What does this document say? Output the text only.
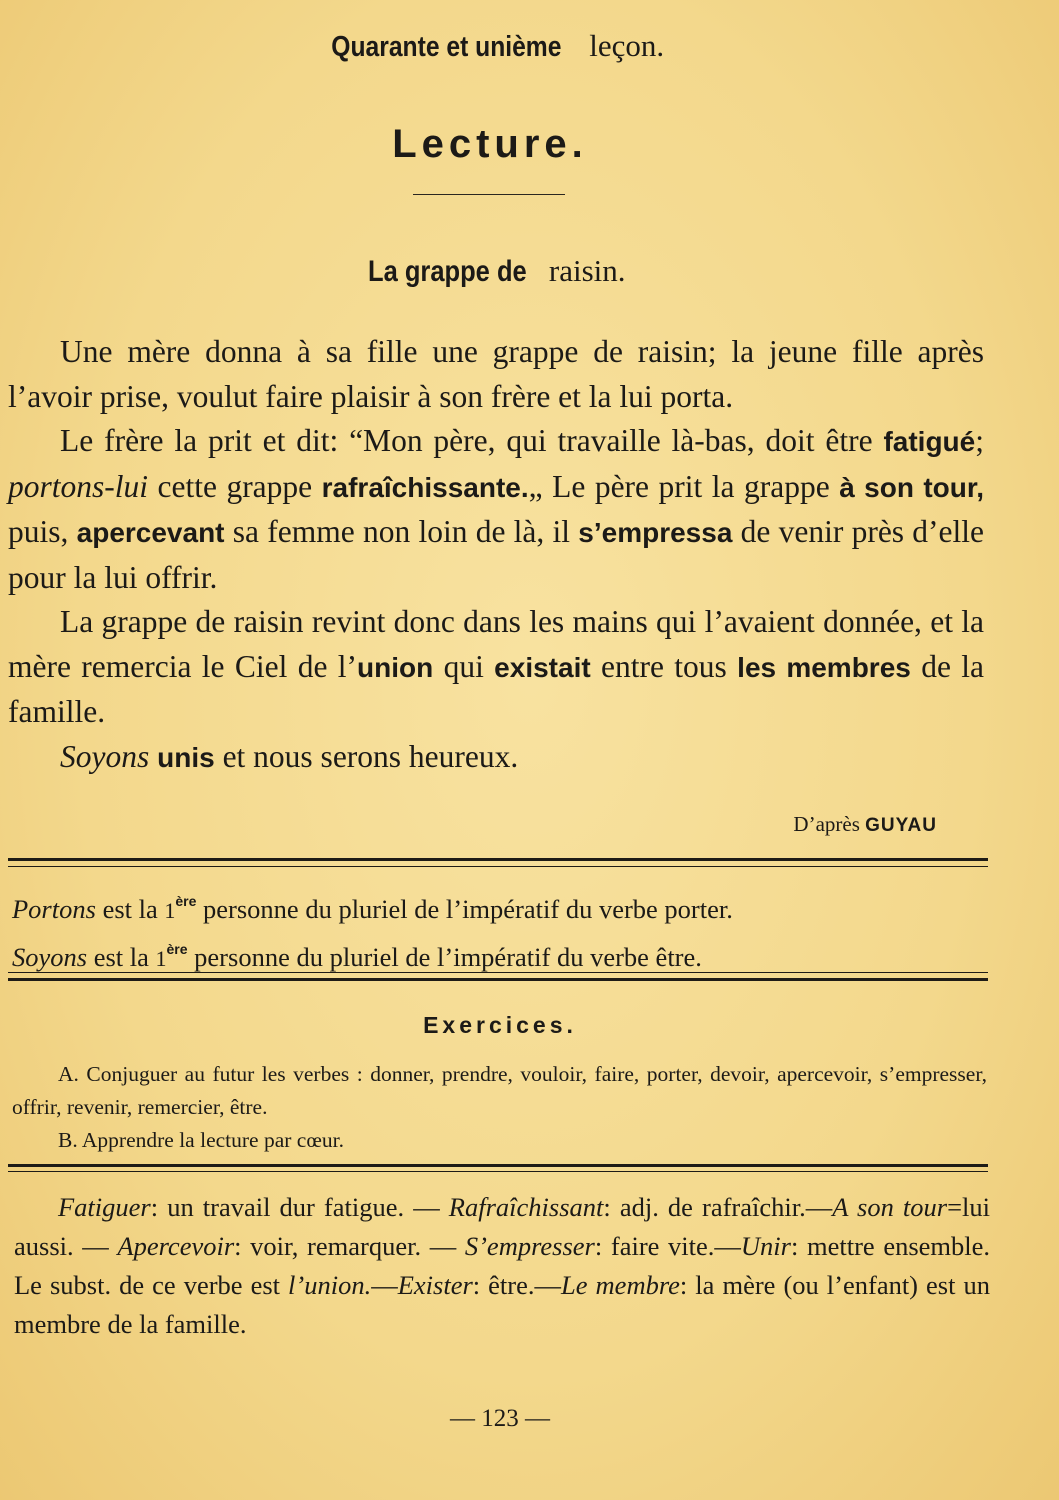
Quarante et unième leçon.
Lecture.
La grappe de raisin.

Une mère donna à sa fille une grappe de raisin; la jeune fille après l’avoir prise, voulut faire plaisir à son frère et la lui porta.

Le frère la prit et dit: “Mon père, qui travaille là-bas, doit être fatigué; portons-lui cette grappe rafraîchissante.„ Le père prit la grappe à son tour, puis, apercevant sa femme non loin de là, il s’empressa de venir près d’elle pour la lui offrir.

La grappe de raisin revint donc dans les mains qui l’avaient donnée, et la mère remercia le Ciel de l’union qui existait entre tous les membres de la famille.

Soyons unis et nous serons heureux.

D’après GUYAU
Portons est la 1ère personne du pluriel de l’impératif du verbe porter.
Soyons est la 1ère personne du pluriel de l’impératif du verbe être.
Exercices.

A. Conjuguer au futur les verbes : donner, prendre, vouloir, faire, porter, devoir, apercevoir, s’empresser, offrir, revenir, remercier, être.

B. Apprendre la lecture par cœur.

Fatiguer: un travail dur fatigue. — Rafraîchissant: adj. de rafraîchir.—A son tour=lui aussi. — Apercevoir: voir, remarquer. — S’empresser: faire vite.—Unir: mettre ensemble. Le subst. de ce verbe est l’union.—Exister: être.—Le membre: la mère (ou l’enfant) est un membre de la famille.

— 123 —
